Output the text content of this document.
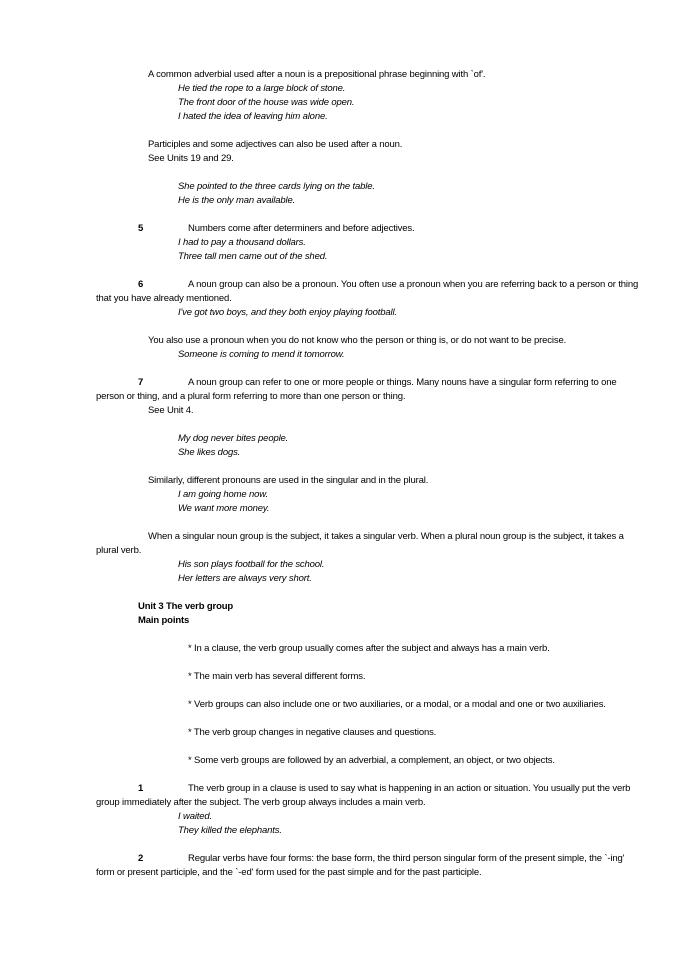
A common adverbial used after a noun is a prepositional phrase beginning with `of'.
He tied the rope to a large block of stone.
The front door of the house was wide open.
I hated the idea of leaving him alone.
Participles and some adjectives can also be used after a noun.
See Units 19 and 29.
She pointed to the three cards lying on the table.
He is the only man available.
5	Numbers come after determiners and before adjectives.
I had to pay a thousand dollars.
Three tall men came out of the shed.
6	A noun group can also be a pronoun. You often use a pronoun when you are referring back to a person or thing
that you have already mentioned.
I've got two boys, and they both enjoy playing football.
You also use a pronoun when you do not know who the person or thing is, or do not want to be precise.
Someone is coming to mend it tomorrow.
7	A noun group can refer to one or more people or things. Many nouns have a singular form referring to one
person or thing, and a plural form referring to more than one person or thing.
See Unit 4.
My dog never bites people.
She likes dogs.
Similarly, different pronouns are used in the singular and in the plural.
I am going home now.
We want more money.
When a singular noun group is the subject, it takes a singular verb. When a plural noun group is the subject, it takes a
plural verb.
His son plays football for the school.
Her letters are always very short.
Unit 3 The verb group
Main points
* In a clause, the verb group usually comes after the subject and always has a main verb.
* The main verb has several different forms.
* Verb groups can also include one or two auxiliaries, or a modal, or a modal and one or two auxiliaries.
* The verb group changes in negative clauses and questions.
* Some verb groups are followed by an adverbial, a complement, an object, or two objects.
1	The verb group in a clause is used to say what is happening in an action or situation. You usually put the verb
group immediately after the subject. The verb group always includes a main verb.
I waited.
They killed the elephants.
2	Regular verbs have four forms: the base form, the third person singular form of the present simple, the `-ing'
form or present participle, and the `-ed' form used for the past simple and for the past participle.
